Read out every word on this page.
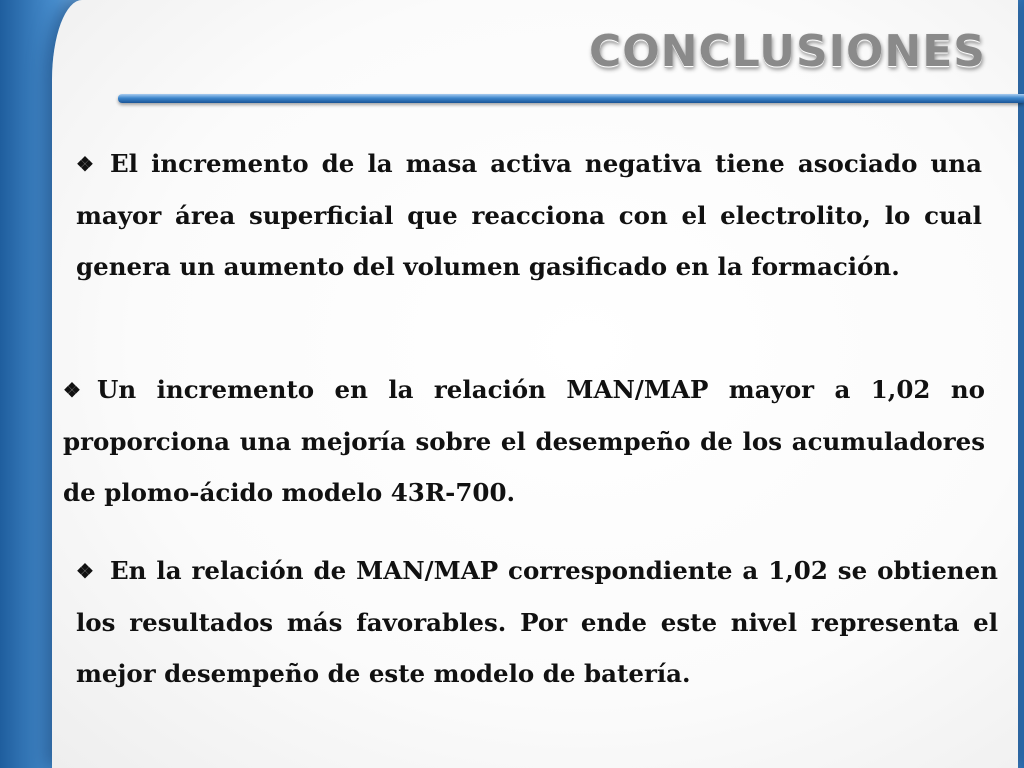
CONCLUSIONES

❖ El incremento de la masa activa negativa tiene asociado una mayor área superficial que reacciona con el electrolito, lo cual genera un aumento del volumen gasificado en la formación.

❖ Un incremento en la relación MAN/MAP mayor a 1,02 no proporciona una mejoría sobre el desempeño de los acumuladores de plomo-ácido modelo 43R-700.

❖ En la relación de MAN/MAP correspondiente a 1,02 se obtienen los resultados más favorables. Por ende este nivel representa el mejor desempeño de este modelo de batería.
